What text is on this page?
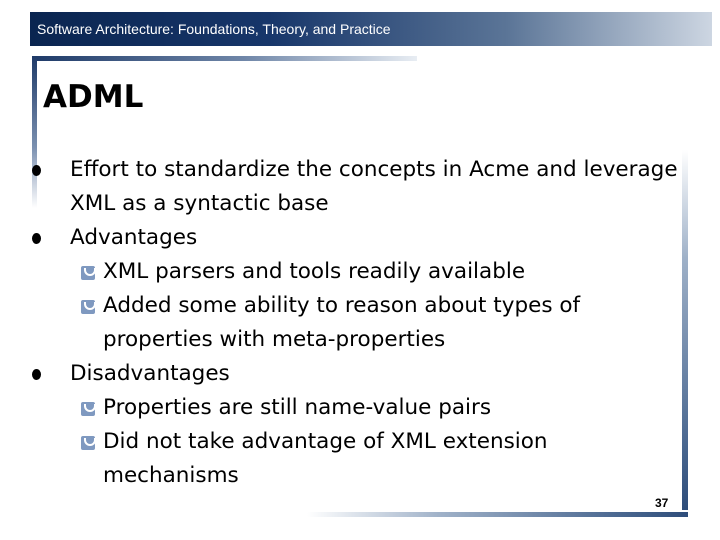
Software Architecture: Foundations, Theory, and Practice
ADML
Effort to standardize the concepts in Acme and leverage XML as a syntactic base
Advantages
XML parsers and tools readily available
Added some ability to reason about types of properties with meta-properties
Disadvantages
Properties are still name-value pairs
Did not take advantage of XML extension mechanisms
37
